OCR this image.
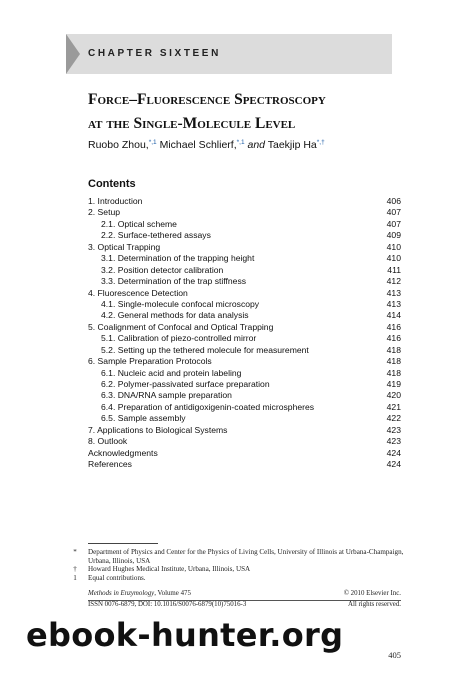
CHAPTER SIXTEEN
Force–Fluorescence Spectroscopy
at the Single-Molecule Level
Ruobo Zhou,$^{*,1}$ Michael Schlierf,$^{*,1}$ and Taekjip Ha*,†
Contents
1. Introduction	406
2. Setup	407
2.1. Optical scheme	407
2.2. Surface-tethered assays	409
3. Optical Trapping	410
3.1. Determination of the trapping height	410
3.2. Position detector calibration	411
3.3. Determination of the trap stiffness	412
4. Fluorescence Detection	413
4.1. Single-molecule confocal microscopy	413
4.2. General methods for data analysis	414
5. Coalignment of Confocal and Optical Trapping	416
5.1. Calibration of piezo-controlled mirror	416
5.2. Setting up the tethered molecule for measurement	418
6. Sample Preparation Protocols	418
6.1. Nucleic acid and protein labeling	418
6.2. Polymer-passivated surface preparation	419
6.3. DNA/RNA sample preparation	420
6.4. Preparation of antidigoxigenin-coated microspheres	421
6.5. Sample assembly	422
7. Applications to Biological Systems	423
8. Outlook	423
Acknowledgments	424
References	424
*	Department of Physics and Center for the Physics of Living Cells, University of Illinois at Urbana-Champaign, Urbana, Illinois, USA
†	Howard Hughes Medical Institute, Urbana, Illinois, USA
1	Equal contributions.
Methods in Enzymology, Volume 475	© 2010 Elsevier Inc.
ISSN 0076-6879, DOI: 10.1016/S0076-6879(10)75016-3	All rights reserved.
405
ebook-hunter.org
